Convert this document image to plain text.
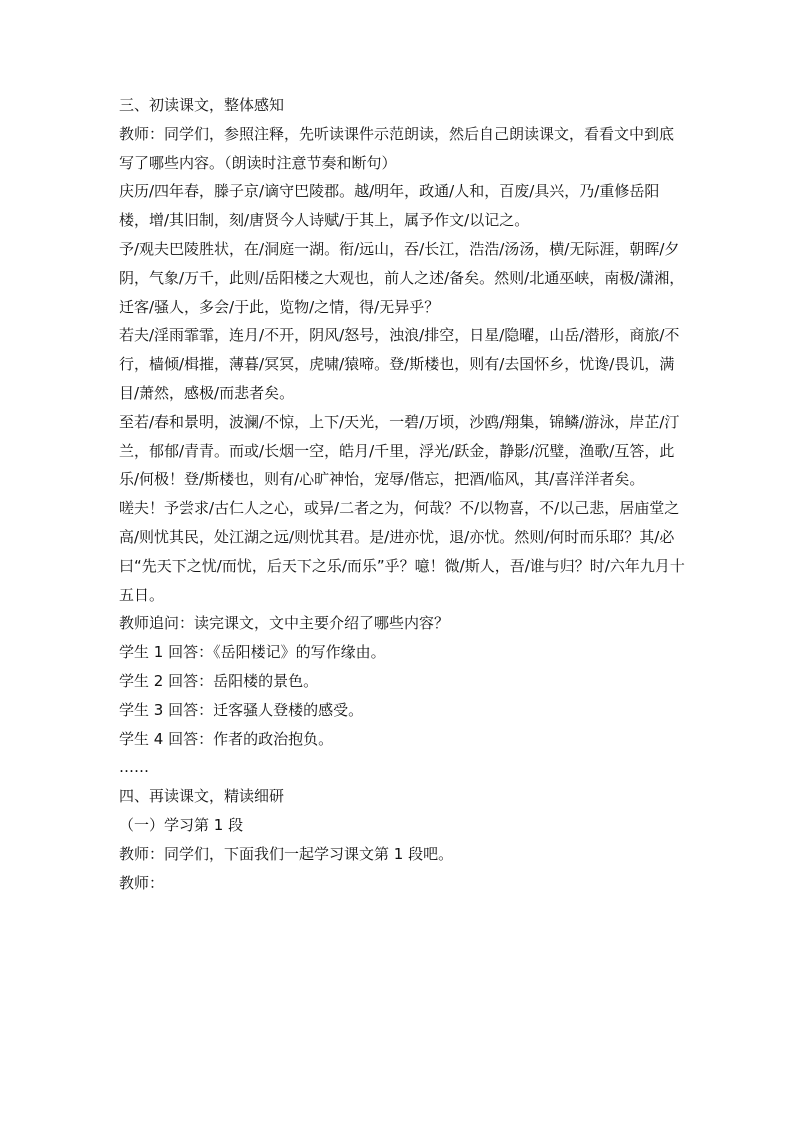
三、初读课文，整体感知

教师：同学们，参照注释，先听读课件示范朗读，然后自己朗读课文，看看文中到底写了哪些内容。（朗读时注意节奏和断句）

庆历/四年春，滕子京/谪守巴陵郡。越/明年，政通/人和，百废/具兴，乃/重修岳阳楼，增/其旧制，刻/唐贤今人诗赋/于其上，属予作文/以记之。

予/观夫巴陵胜状，在/洞庭一湖。衔/远山，吞/长江，浩浩/汤汤，横/无际涯，朝晖/夕阴，气象/万千，此则/岳阳楼之大观也，前人之述/备矣。然则/北通巫峡，南极/潇湘，迁客/骚人，多会/于此，览物/之情，得/无异乎？

若夫/淫雨霏霏，连月/不开，阴风/怒号，浊浪/排空，日星/隐曜，山岳/潜形，商旅/不行，樯倾/楫摧，薄暮/冥冥，虎啸/猿啼。登/斯楼也，则有/去国怀乡，忧谗/畏讥，满目/萧然，感极/而悲者矣。

至若/春和景明，波澜/不惊，上下/天光，一碧/万顷，沙鸥/翔集，锦鳞/游泳，岸芷/汀兰，郁郁/青青。而或/长烟一空，皓月/千里，浮光/跃金，静影/沉璧，渔歌/互答，此乐/何极！登/斯楼也，则有/心旷神怡，宠辱/偕忘，把酒/临风，其/喜洋洋者矣。

嗟夫！予尝求/古仁人之心，或异/二者之为，何哉？不/以物喜，不/以己悲，居庙堂之高/则忧其民，处江湖之远/则忧其君。是/进亦忧，退/亦忧。然则/何时而乐耶？其/必曰“先天下之忧/而忧，后天下之乐/而乐”乎？噫！微/斯人，吾/谁与归？时/六年九月十五日。

教师追问：读完课文，文中主要介绍了哪些内容？

学生 1 回答：《岳阳楼记》的写作缘由。

学生 2 回答：岳阳楼的景色。

学生 3 回答：迁客骚人登楼的感受。

学生 4 回答：作者的政治抱负。

……

四、再读课文，精读细研

（一）学习第 1 段

教师：同学们，下面我们一起学习课文第 1 段吧。

教师：
